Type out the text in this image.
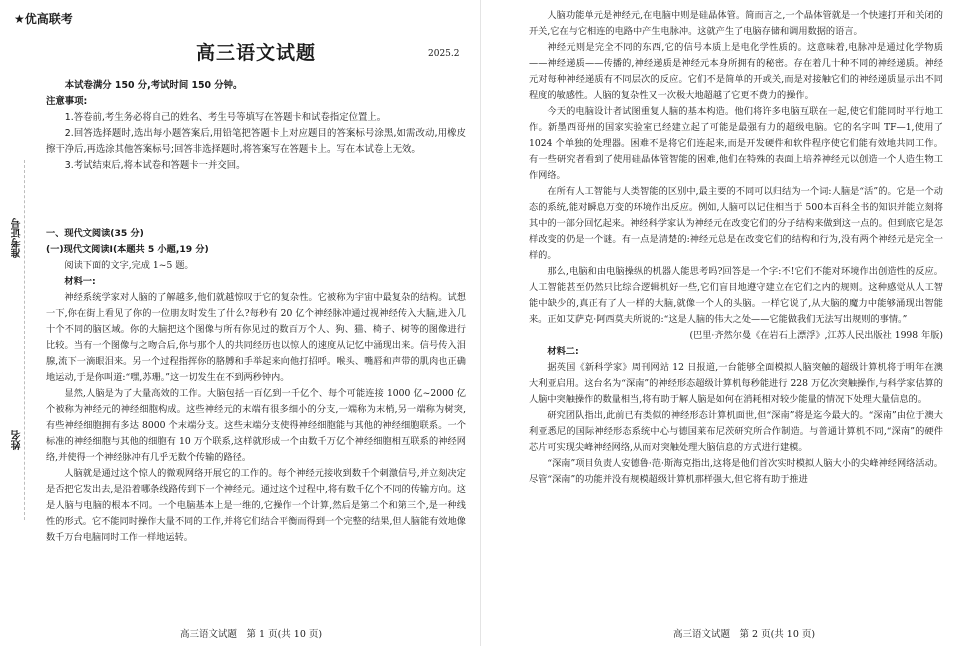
★优高联考
高三语文试题	2025.2
准考证号
姓名

本试卷满分 150 分,考试时间 150 分钟。

注意事项:

1.答卷前,考生务必将自己的姓名、考生号等填写在答题卡和试卷指定位置上。

2.回答选择题时,选出每小题答案后,用铅笔把答题卡上对应题目的答案标号涂黑,如需改动,用橡皮擦干净后,再选涂其他答案标号;回答非选择题时,将答案写在答题卡上。写在本试卷上无效。

3.考试结束后,将本试卷和答题卡一并交回。

一、现代文阅读(35 分)

(一)现代文阅读Ⅰ(本题共 5 小题,19 分)

阅读下面的文字,完成 1~5 题。

材料一:

神经系统学家对人脑的了解越多,他们就越惊叹于它的复杂性。它被称为宇宙中最复杂的结构。试想一下,你在街上看见了你的一位朋友时发生了什么?每秒有 20 亿个神经脉冲通过视神经传入大脑,进入几十个不同的脑区域。你的大脑把这个图像与所有你见过的数百万个人、狗、猫、椅子、树等的图像进行比较。当有一个图像与之吻合后,你与那个人的共同经历也以惊人的速度从记忆中涌现出来。信号传入泪腺,流下一滴眼泪来。另一个过程指挥你的胳膊和手举起来向他打招呼。喉头、嘴唇和声带的肌肉也正确地运动,于是你叫道:“嘿,苏珊。”这一切发生在不到两秒钟内。

显然,人脑是为了大量高效的工作。大脑包括一百亿到一千亿个、每个可能连接 1000 亿~2000 亿个被称为神经元的神经细胞构成。这些神经元的末端有很多细小的分支,一端称为末梢,另一端称为树突,有些神经细胞拥有多达 8000 个末端分支。这些末端分支使得神经细胞能与其他的神经细胞联系。一个标准的神经细胞与其他的细胞有 10 万个联系,这样就形成一个由数千万亿个神经细胞相互联系的神经网络,并使得一个神经脉冲有几乎无数个传输的路径。

人脑就是通过这个惊人的微观网络开展它的工作的。每个神经元接收到数千个刺激信号,并立刻决定是否把它发出去,是沿着哪条线路传到下一个神经元。通过这个过程中,将有数千亿个不同的传输方向。这是人脑与电脑的根本不同。一个电脑基本上是一维的,它操作一个计算,然后是第二个和第三个,是一种线性的形式。它不能同时操作大量不同的工作,并将它们结合平衡而得到一个完整的结果,但人脑能有效地像数千万台电脑同时工作一样地运转。

高三语文试题　第 1 页(共 10 页)

人脑功能单元是神经元,在电脑中则是硅晶体管。简而言之,一个晶体管就是一个快速打开和关闭的开关,它在与它相连的电路中产生电脉冲。这就产生了电脑存储和调用数据的语言。

神经元则是完全不同的东西,它的信号本质上是电化学性质的。这意味着,电脉冲是通过化学物质——神经递质——传播的,神经递质是神经元本身所拥有的秘密。存在着几十种不同的神经递质。神经元对每种神经递质有不同层次的反应。它们不是简单的开或关,而是对接触它们的神经递质显示出不同程度的敏感性。人脑的复杂性又一次极大地超越了它更不费力的操作。

今天的电脑设计者试图重复人脑的基本构造。他们将许多电脑互联在一起,使它们能同时平行地工作。新墨西哥州的国家实验室已经建立起了可能是最强有力的超级电脑。它的名字叫 TF—1,使用了 1024 个单独的处理器。困难不是将它们连起来,而是开发硬件和软件程序使它们能有效地共同工作。有一些研究者看到了使用硅晶体管智能的困难,他们在特殊的表面上培养神经元以创造一个人造生物工作网络。

在所有人工智能与人类智能的区别中,最主要的不同可以归结为一个词:人脑是“活”的。它是一个动态的系统,能对瞬息万变的环境作出反应。例如,人脑可以记住相当于 500本百科全书的知识并能立刻将其中的一部分回忆起来。神经科学家认为神经元在改变它们的分子结构来做到这一点的。但到底它是怎样改变的仍是一个谜。有一点是清楚的:神经元总是在改变它们的结构和行为,没有两个神经元是完全一样的。

那么,电脑和由电脑操纵的机器人能思考吗?回答是一个字:不!它们不能对环境作出创造性的反应。人工智能甚至仍然只比综合逻辑机好一些,它们盲目地遵守建立在它们之内的规则。这种感觉从人工智能中缺少的,真正有了人一样的大脑,就像一个人的头脑。一样它说了,从大脑的魔力中能够涌现出智能来。正如艾萨克·阿西莫夫所说的:“这是人脑的伟大之处——它能做我们无法写出规则的事情。”

(巴里·齐然尔曼《在岩石上漂浮》,江苏人民出版社 1998 年版)

材料二:

据英国《新科学家》周刊网站 12 日报道,一台能够全面模拟人脑突触的超级计算机将于明年在澳大利亚启用。这台名为“深南”的神经形态超级计算机每秒能进行 228 万亿次突触操作,与科学家估算的人脑中突触操作的数量相当,将有助于解人脑是如何在消耗相对较少能量的情况下处理大量信息的。

研究团队指出,此前已有类似的神经形态计算机面世,但“深南”将是迄今最大的。“深南”由位于澳大利亚悉尼的国际神经形态系统中心与德国莱布尼茨研究所合作制造。与普通计算机不同,“深南”的硬件芯片可实现尖峰神经网络,从而对突触处理大脑信息的方式进行建模。

“深南”项目负责人安德鲁·范·斯海克指出,这将是他们首次实时模拟人脑大小的尖峰神经网络活动。尽管“深南”的功能并没有规模超级计算机那样强大,但它将有助于推进

高三语文试题　第 2 页(共 10 页)
